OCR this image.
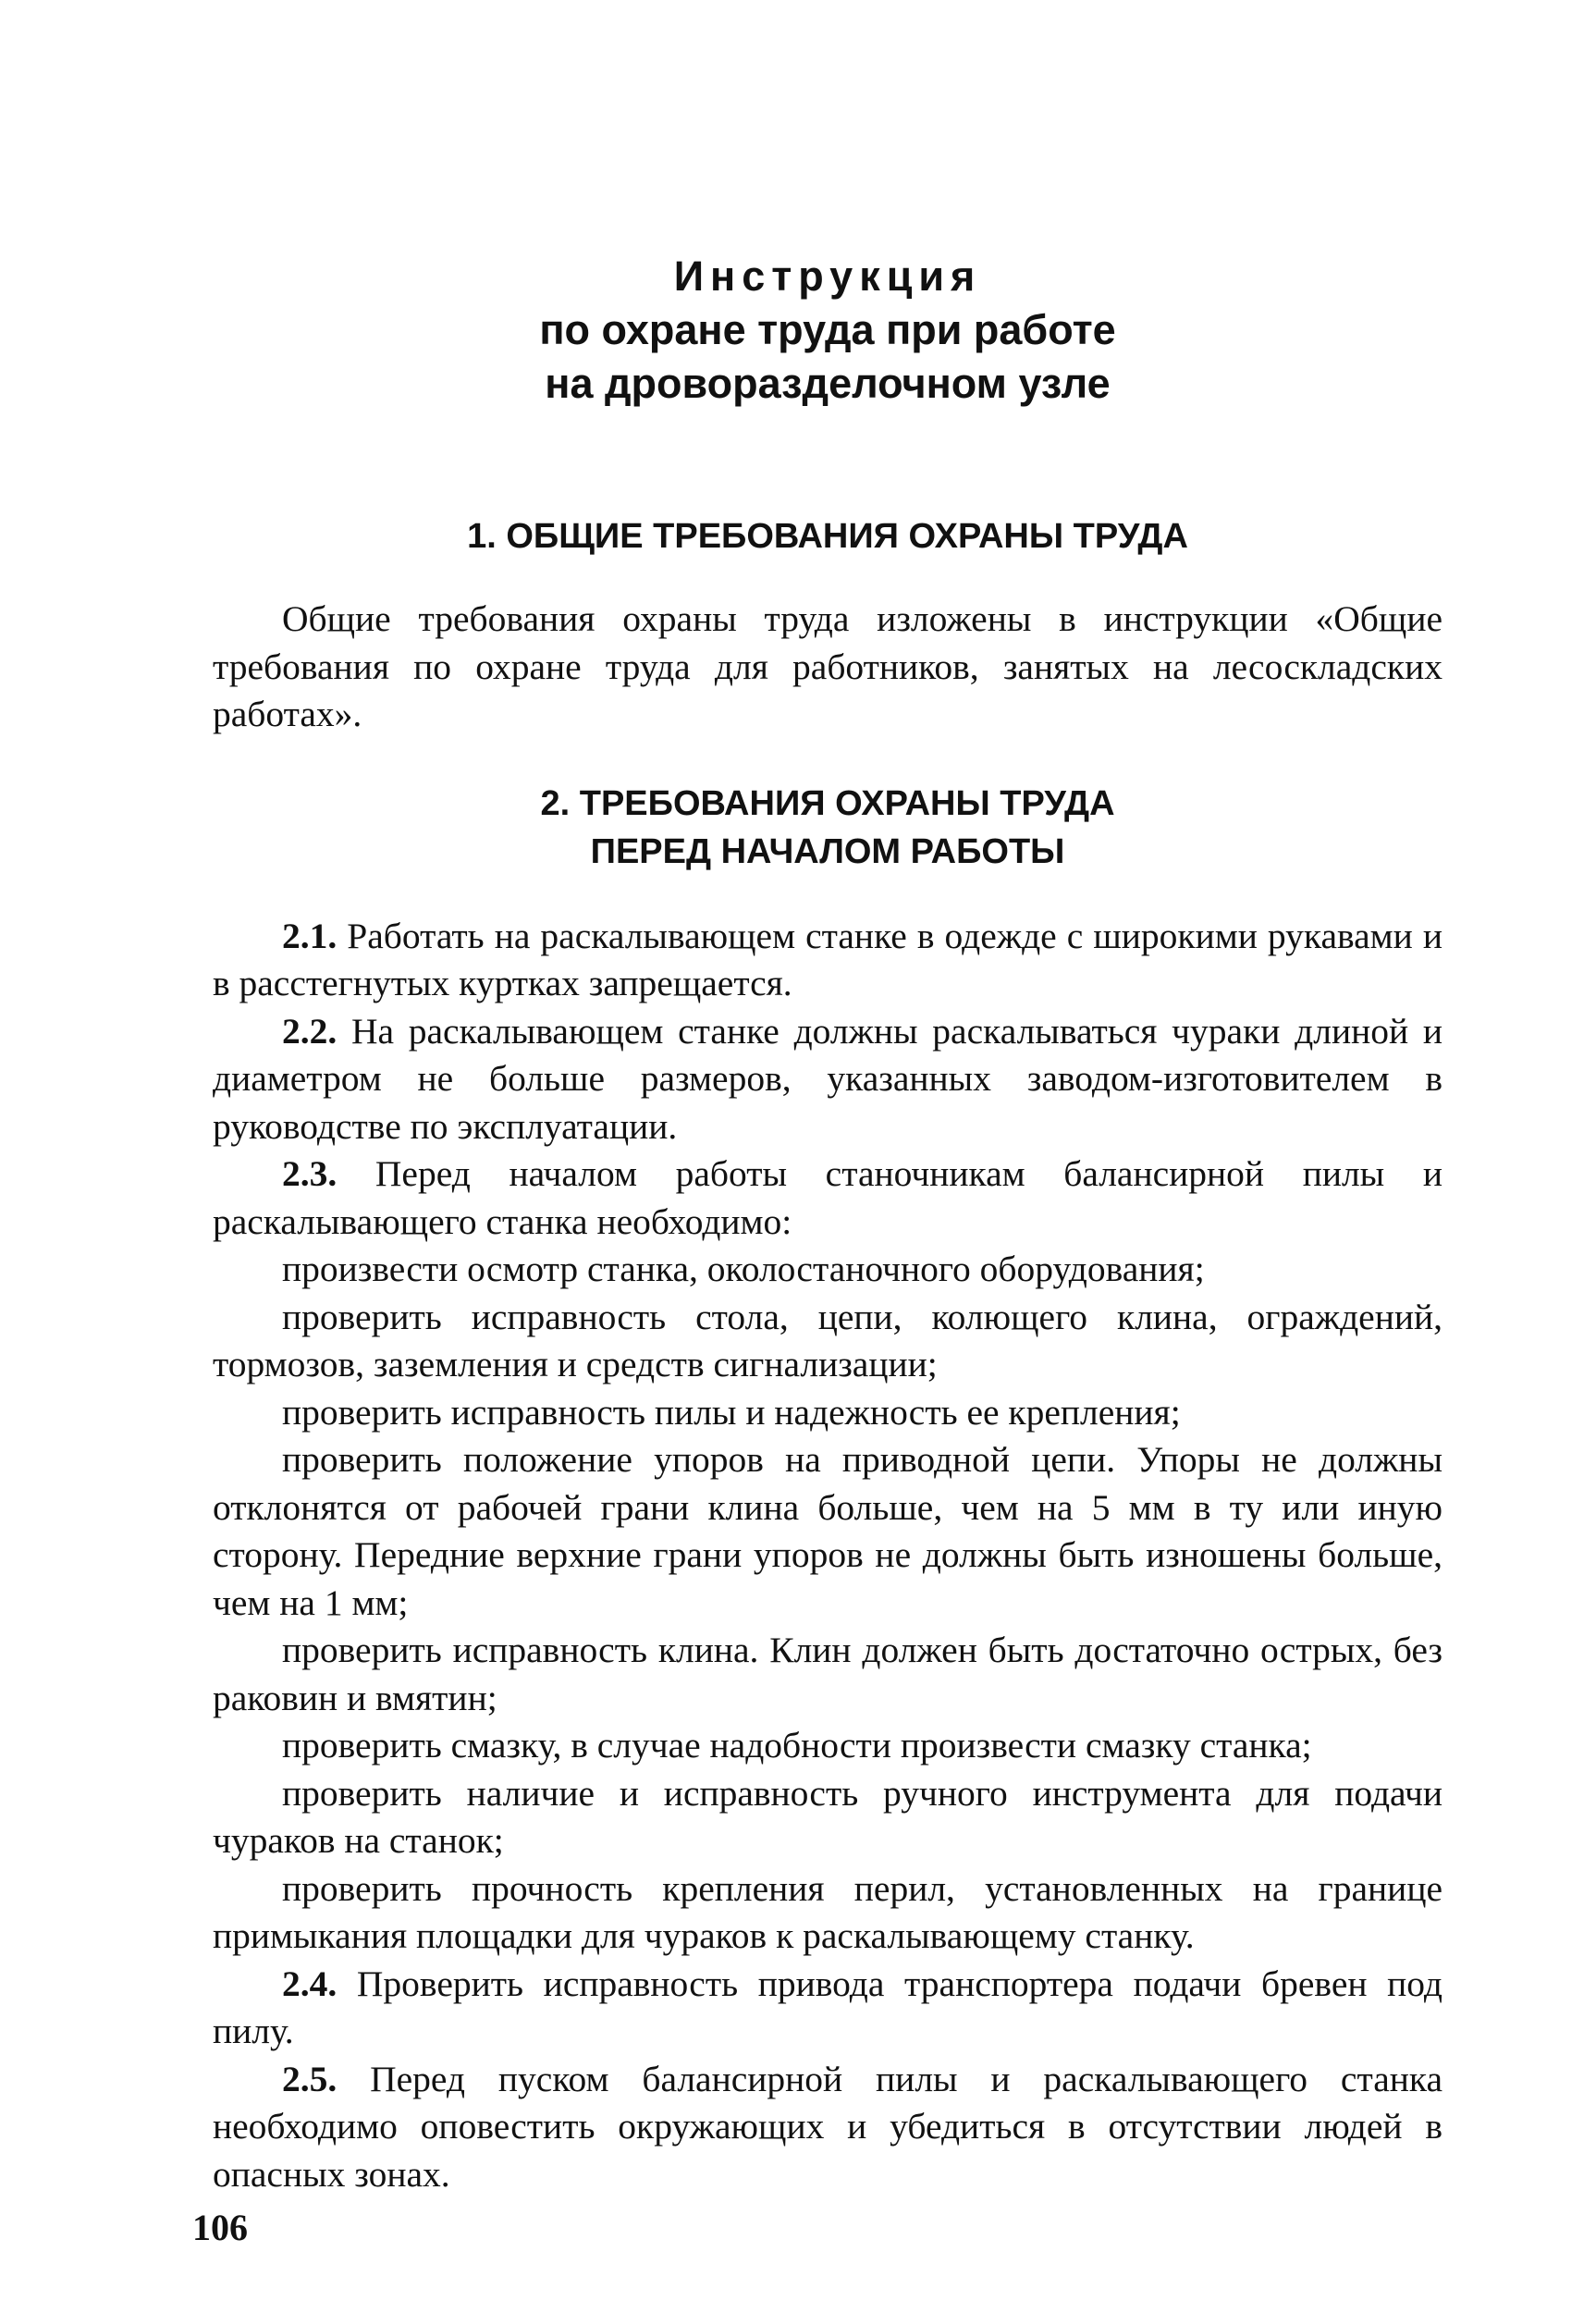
Инструкция
по охране труда при работе
на дроворазделочном узле
1. ОБЩИЕ ТРЕБОВАНИЯ ОХРАНЫ ТРУДА

Общие требования охраны труда изложены в инструкции «Общие требования по охране труда для работников, занятых на лесоскладских работах».

2. ТРЕБОВАНИЯ ОХРАНЫ ТРУДА
ПЕРЕД НАЧАЛОМ РАБОТЫ

2.1. Работать на раскалывающем станке в одежде с широкими рукавами и в расстегнутых куртках запрещается.

2.2. На раскалывающем станке должны раскалываться чураки длиной и диаметром не больше размеров, указанных заводом-изготовителем в руководстве по эксплуатации.

2.3. Перед началом работы станочникам балансирной пилы и раскалывающего станка необходимо:

произвести осмотр станка, околостаночного оборудования;

проверить исправность стола, цепи, колющего клина, ограждений, тормозов, заземления и средств сигнализации;

проверить исправность пилы и надежность ее крепления;

проверить положение упоров на приводной цепи. Упоры не должны отклонятся от рабочей грани клина больше, чем на 5 мм в ту или иную сторону. Передние верхние грани упоров не должны быть изношены больше, чем на 1 мм;

проверить исправность клина. Клин должен быть достаточно острых, без раковин и вмятин;

проверить смазку, в случае надобности произвести смазку станка;

проверить наличие и исправность ручного инструмента для подачи чураков на станок;

проверить прочность крепления перил, установленных на границе примыкания площадки для чураков к раскалывающему станку.

2.4. Проверить исправность привода транспортера подачи бревен под пилу.

2.5. Перед пуском балансирной пилы и раскалывающего станка необходимо оповестить окружающих и убедиться в отсутствии людей в опасных зонах.

106
